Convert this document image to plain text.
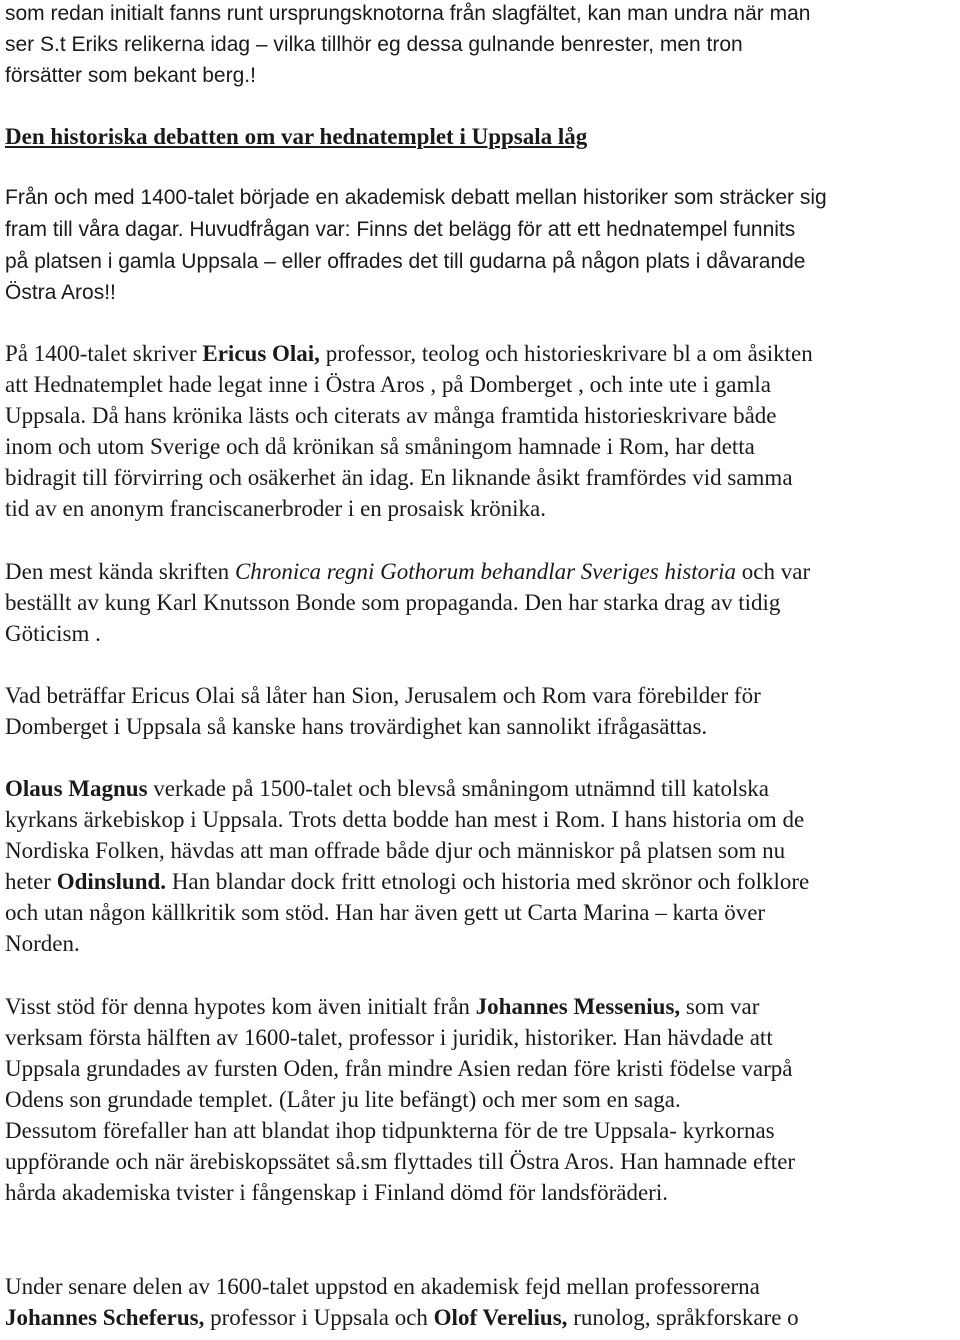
som redan initialt fanns runt ursprungsknotorna från slagfältet, kan man undra när man
ser S.t Eriks relikerna idag – vilka tillhör eg dessa gulnande benrester, men tron
försätter som bekant berg.!
Den historiska debatten om var hednatemplet i Uppsala låg
Från och med 1400-talet började en akademisk debatt mellan historiker som sträcker sig
fram till våra dagar. Huvudfrågan var: Finns det belägg för att ett hednatempel funnits
på platsen i gamla Uppsala – eller offrades det till gudarna på någon plats i dåvarande
Östra Aros!!
På 1400-talet skriver Ericus Olai, professor, teolog och historieskrivare bl a om åsikten
att Hednatemplet hade legat inne i Östra Aros , på Domberget , och inte ute i gamla
Uppsala. Då hans krönika lästs och citerats av många framtida historieskrivare både
inom och utom Sverige och då krönikan så småningom hamnade i Rom, har detta
bidragit till förvirring och osäkerhet än idag. En liknande åsikt framfördes vid samma
tid av en anonym franciscanerbroder i en prosaisk krönika.
Den mest kända skriften Chronica regni Gothorum behandlar Sveriges historia och var
beställt av kung Karl Knutsson Bonde som propaganda. Den har starka drag av tidig
Göticism .
Vad beträffar Ericus Olai så låter han Sion, Jerusalem och Rom vara förebilder för
Domberget i Uppsala så kanske hans trovärdighet kan sannolikt ifrågasättas.
Olaus Magnus verkade på 1500-talet och blevså småningom utnämnd till katolska
kyrkans ärkebiskop i Uppsala. Trots detta bodde han mest i Rom. I hans historia om de
Nordiska Folken, hävdas att man offrade både djur och människor på platsen som nu
heter Odinslund. Han blandar dock fritt etnologi och historia med skrönor och folklore
och utan någon källkritik som stöd. Han har även gett ut Carta Marina – karta över
Norden.
Visst stöd för denna hypotes kom även initialt från Johannes Messenius, som var
verksam första hälften av 1600-talet, professor i juridik, historiker. Han hävdade att
Uppsala grundades av fursten Oden, från mindre Asien redan före kristi födelse varpå
Odens son grundade templet. (Låter ju lite befängt) och mer som en saga.
Dessutom förefaller han att blandat ihop tidpunkterna för de tre Uppsala- kyrkornas
uppförande och när ärebiskopssätet så.sm flyttades till Östra Aros. Han hamnade efter
hårda akademiska tvister i fångenskap i Finland dömd för landsföräderi.
Under senare delen av 1600-talet uppstod en akademisk fejd mellan professorerna
Johannes Scheferus, professor i Uppsala och Olof Verelius, runolog, språkforskare o
